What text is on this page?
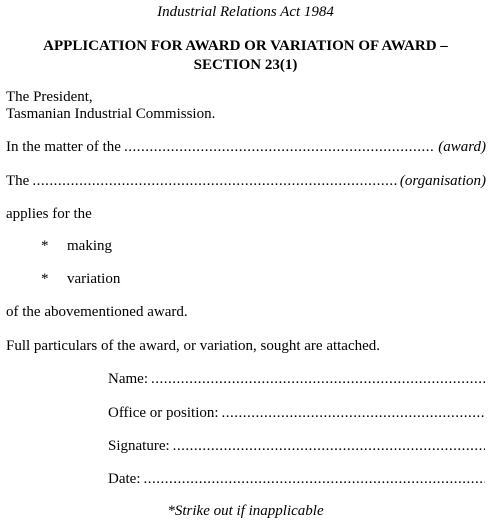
Industrial Relations Act 1984
APPLICATION FOR AWARD OR VARIATION OF AWARD –
SECTION 23(1)
The President,
Tasmanian Industrial Commission.
In the matter of the .....	(award)
The .....	(organisation)
applies for the
*	making
*	variation
of the abovementioned award.
Full particulars of the award, or variation, sought are attached.
Name:
.....
Office or position:
.....
Signature:
.....
Date:
.....
*Strike out if inapplicable
